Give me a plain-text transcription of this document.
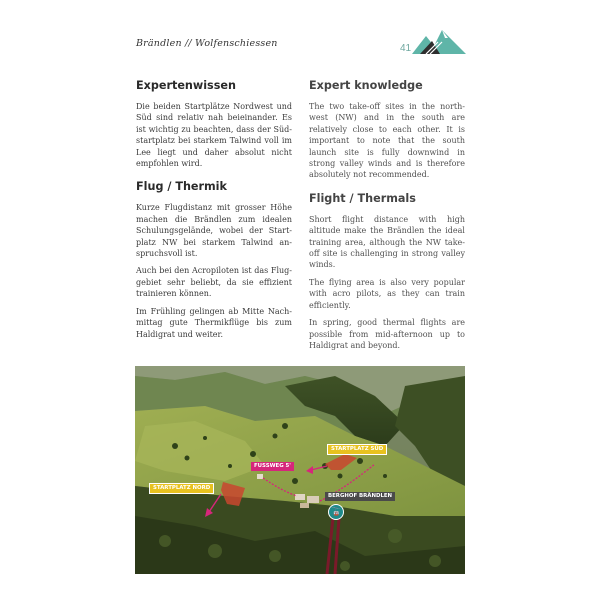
Brändlen // Wolfenschiessen	41
Expertenwissen

Die beiden Startplätze Nordwest und Süd sind relativ nah beieinander. Es ist wichtig zu beachten, dass der Süd-startplatz bei starkem Talwind voll im Lee liegt und daher absolut nicht empfohlen wird.

Flug / Thermik

Kurze Flugdistanz mit grosser Höhe machen die Brändlen zum idealen Schulungsgelände, wobei der Start-platz NW bei starkem Talwind an-spruchsvoll ist.

Auch bei den Acropiloten ist das Flug-gebiet sehr beliebt, da sie effizient trainieren können.

Im Frühling gelingen ab Mitte Nach-mittag gute Thermikflüge bis zum Haldigrat und weiter.

Expert knowledge

The two take-off sites in the north-west (NW) and in the south are relatively close to each other. It is important to note that the south launch site is fully downwind in strong valley winds and is therefore absolutely not recommended.

Flight / Thermals

Short flight distance with high altitude make the Brändlen the ideal training area, although the NW take-off site is challenging in strong valley winds.

The flying area is also very popular with acro pilots, as they can train efficiently.

In spring, good thermal flights are possible from mid-afternoon up to Haldigrat and beyond.

STARTPLATZ SÜD
STARTPLATZ NORD
FUSSWEG 5'
BERGHOF BRÄNDLEN
🚡
